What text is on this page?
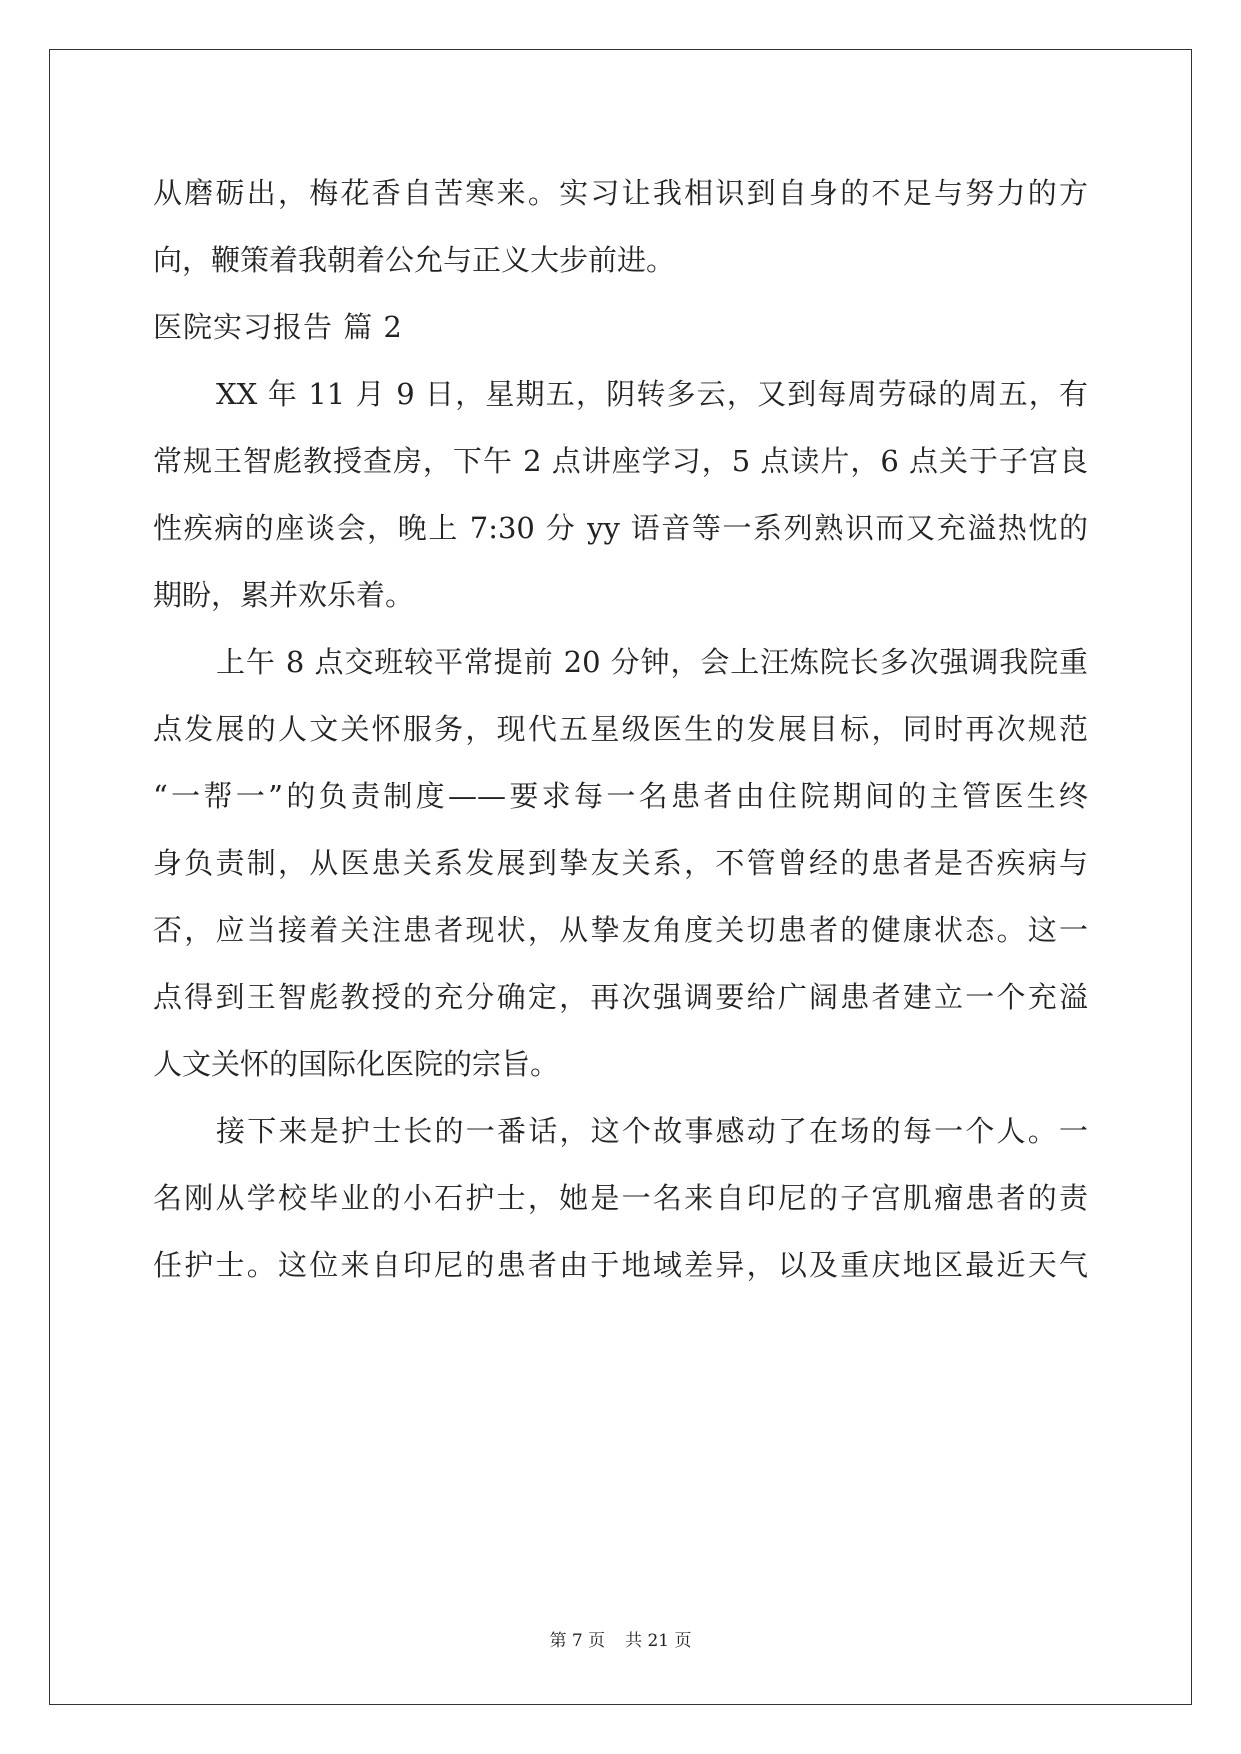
从磨砺出，梅花香自苦寒来。实习让我相识到自身的不足与努力的方
向，鞭策着我朝着公允与正义大步前进。
医院实习报告 篇 2
XX 年 11 月 9 日，星期五，阴转多云，又到每周劳碌的周五，有
常规王智彪教授查房，下午 2 点讲座学习，5 点读片，6 点关于子宫良
性疾病的座谈会，晚上 7:30 分 yy 语音等一系列熟识而又充溢热忱的
期盼，累并欢乐着。
上午 8 点交班较平常提前 20 分钟，会上汪炼院长多次强调我院重
点发展的人文关怀服务，现代五星级医生的发展目标，同时再次规范
“一帮一”的负责制度——要求每一名患者由住院期间的主管医生终
身负责制，从医患关系发展到挚友关系，不管曾经的患者是否疾病与
否，应当接着关注患者现状，从挚友角度关切患者的健康状态。这一
点得到王智彪教授的充分确定，再次强调要给广阔患者建立一个充溢
人文关怀的国际化医院的宗旨。
接下来是护士长的一番话，这个故事感动了在场的每一个人。一
名刚从学校毕业的小石护士，她是一名来自印尼的子宫肌瘤患者的责
任护士。这位来自印尼的患者由于地域差异，以及重庆地区最近天气
第 7 页 共 21 页
